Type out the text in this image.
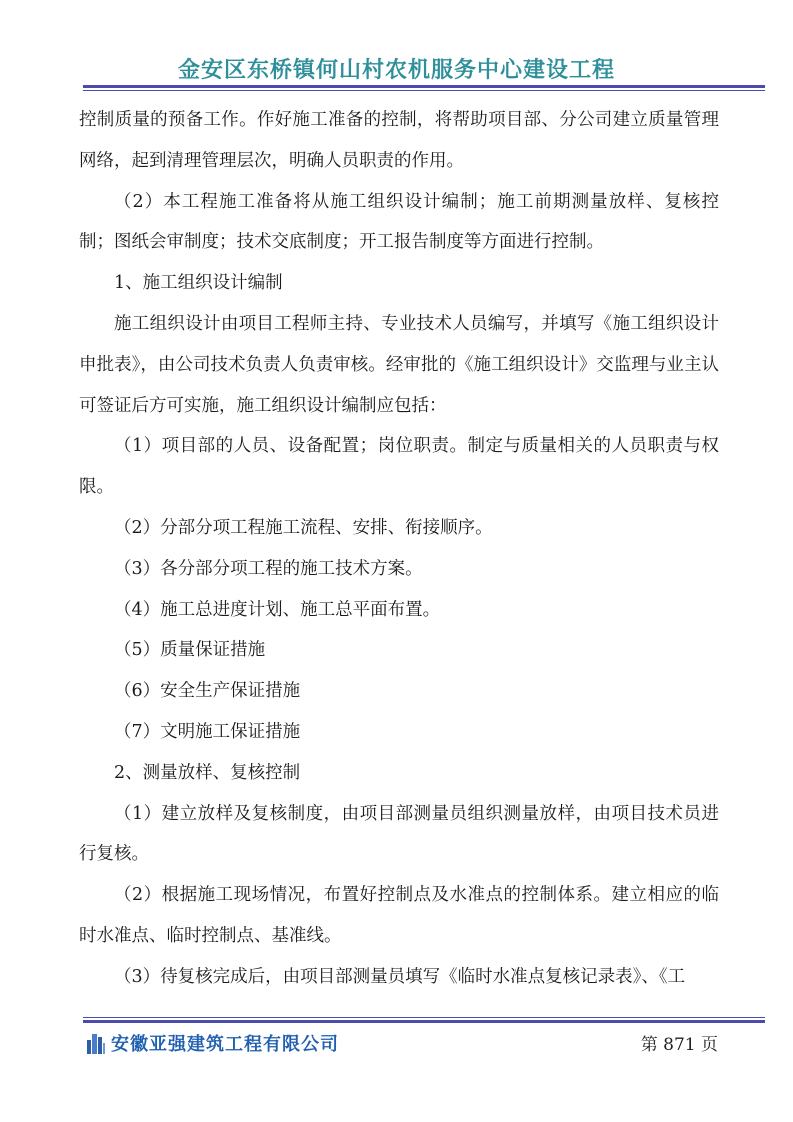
金安区东桥镇何山村农机服务中心建设工程

控制质量的预备工作。作好施工准备的控制，将帮助项目部、分公司建立质量管理网络，起到清理管理层次，明确人员职责的作用。

（2）本工程施工准备将从施工组织设计编制；施工前期测量放样、复核控制；图纸会审制度；技术交底制度；开工报告制度等方面进行控制。

1、施工组织设计编制

施工组织设计由项目工程师主持、专业技术人员编写，并填写《施工组织设计申批表》，由公司技术负责人负责审核。经审批的《施工组织设计》交监理与业主认可签证后方可实施，施工组织设计编制应包括：

（1）项目部的人员、设备配置；岗位职责。制定与质量相关的人员职责与权限。

（2）分部分项工程施工流程、安排、衔接顺序。

（3）各分部分项工程的施工技术方案。

（4）施工总进度计划、施工总平面布置。

（5）质量保证措施

（6）安全生产保证措施

（7）文明施工保证措施

2、测量放样、复核控制

（1）建立放样及复核制度，由项目部测量员组织测量放样，由项目技术员进行复核。

（2）根据施工现场情况，布置好控制点及水准点的控制体系。建立相应的临时水准点、临时控制点、基准线。

（3）待复核完成后，由项目部测量员填写《临时水准点复核记录表》、《工

安徽亚强建筑工程有限公司	第 871 页
